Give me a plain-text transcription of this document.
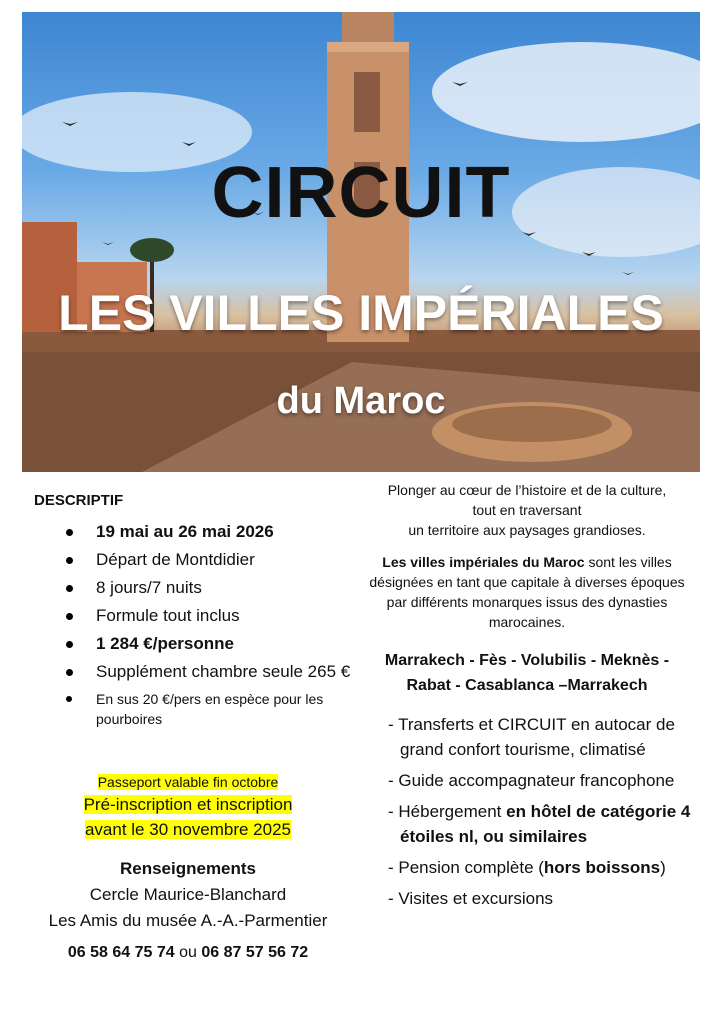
CIRCUIT
LES VILLES IMPÉRIALES
du Maroc
DESCRIPTIF
19 mai au 26 mai 2026
Départ de Montdidier
8 jours/7 nuits
Formule tout inclus
1 284 €/personne
Supplément chambre seule 265 €
En sus 20 €/pers en espèce pour les pourboires
Passeport valable fin octobre
Pré-inscription et inscription
avant le 30 novembre 2025
Renseignements
Cercle Maurice-Blanchard
Les Amis du musée A.-A.-Parmentier
06 58 64 75 74 ou 06 87 57 56 72
Plonger au cœur de l’histoire et de la culture,
tout en traversant
un territoire aux paysages grandioses.
Les villes impériales du Maroc sont les villes désignées en tant que capitale à diverses époques par différents monarques issus des dynasties marocaines.
Marrakech - Fès - Volubilis - Meknès -
Rabat - Casablanca –Marrakech
- Transferts et CIRCUIT en autocar de grand confort tourisme, climatisé
- Guide accompagnateur francophone
- Hébergement en hôtel de catégorie 4 étoiles nl, ou similaires
- Pension complète (hors boissons)
- Visites et excursions
